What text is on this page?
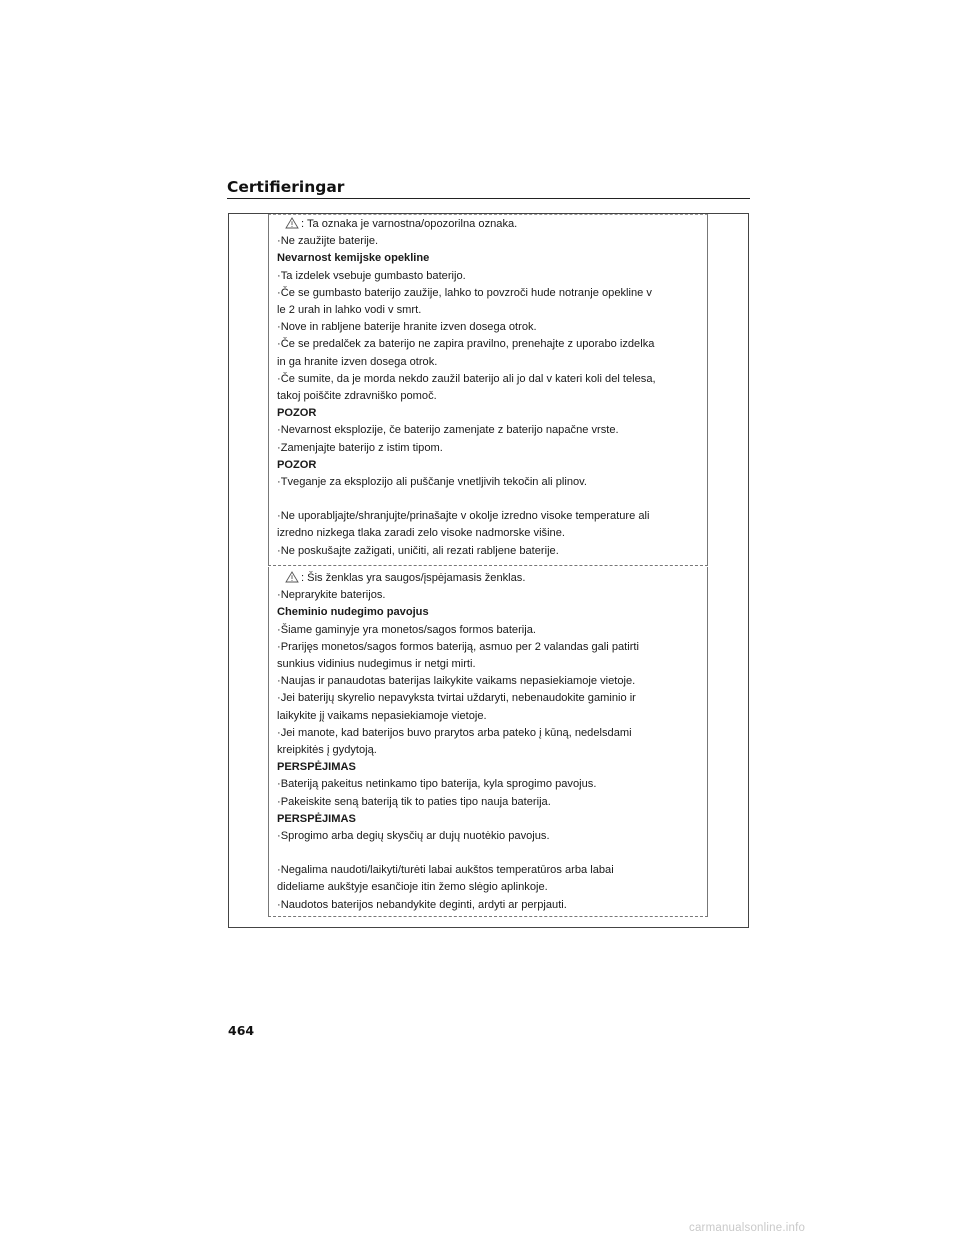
Certifieringar

: Ta oznaka je varnostna/opozorilna oznaka.

·Ne zaužijte baterije.

Nevarnost kemijske opekline

·Ta izdelek vsebuje gumbasto baterijo.

·Če se gumbasto baterijo zaužije, lahko to povzroči hude notranje opekline v

le 2 urah in lahko vodi v smrt.

·Nove in rabljene baterije hranite izven dosega otrok.

·Če se predalček za baterijo ne zapira pravilno, prenehajte z uporabo izdelka

in ga hranite izven dosega otrok.

·Če sumite, da je morda nekdo zaužil baterijo ali jo dal v kateri koli del telesa,

takoj poiščite zdravniško pomoč.

POZOR

·Nevarnost eksplozije, če baterijo zamenjate z baterijo napačne vrste.

·Zamenjajte baterijo z istim tipom.

POZOR

·Tveganje za eksplozijo ali puščanje vnetljivih tekočin ali plinov.

·Ne uporabljajte/shranjujte/prinašajte v okolje izredno visoke temperature ali

izredno nizkega tlaka zaradi zelo visoke nadmorske višine.

·Ne poskušajte zažigati, uničiti, ali rezati rabljene baterije.

: Šis ženklas yra saugos/įspėjamasis ženklas.

·Neprarykite baterijos.

Cheminio nudegimo pavojus

·Šiame gaminyje yra monetos/sagos formos baterija.

·Prarijęs monetos/sagos formos bateriją, asmuo per 2 valandas gali patirti

sunkius vidinius nudegimus ir netgi mirti.

·Naujas ir panaudotas baterijas laikykite vaikams nepasiekiamoje vietoje.

·Jei baterijų skyrelio nepavyksta tvirtai uždaryti, nebenaudokite gaminio ir

laikykite jį vaikams nepasiekiamoje vietoje.

·Jei manote, kad baterijos buvo prarytos arba pateko į kūną, nedelsdami

kreipkitės į gydytoją.

PERSPĖJIMAS

·Bateriją pakeitus netinkamo tipo baterija, kyla sprogimo pavojus.

·Pakeiskite seną bateriją tik to paties tipo nauja baterija.

PERSPĖJIMAS

·Sprogimo arba degių skysčių ar dujų nuotėkio pavojus.

·Negalima naudoti/laikyti/turėti labai aukštos temperatūros arba labai

dideliame aukštyje esančioje itin žemo slėgio aplinkoje.

·Naudotos baterijos nebandykite deginti, ardyti ar perpjauti.

464
carmanualsonline.info
